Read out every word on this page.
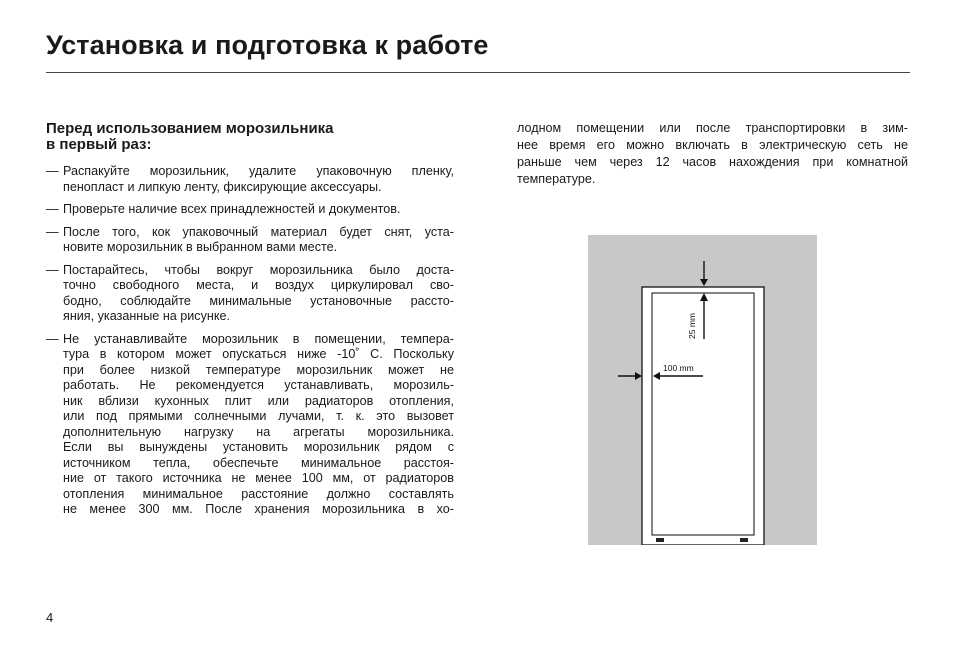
Установка и подготовка к работе
Перед использованием морозильника
в первый раз:
— Распакуйте морозильник, удалите упаковочную пленку,
пенопласт и липкую ленту, фиксирующие аксессуары.
— Проверьте наличие всех принадлежностей и документов.
— После того, кок упаковочный материал будет снят, уста-
новите морозильник в выбранном вами месте.
— Постарайтесь, чтобы вокруг морозильника было доста-
точно свободного места, и воздух циркулировал сво-
бодно, соблюдайте минимальные установочные рассто-
яния, указанные на рисунке.
— Не устанавливайте морозильник в помещении, темпера-
тура в котором может опускаться ниже -10˚ С. Поскольку
при более низкой температуре морозильник может не
работать. Не рекомендуется устанавливать, морозиль-
ник вблизи кухонных плит или радиаторов отопления,
или под прямыми солнечными лучами, т. к. это вызовет
дополнительную нагрузку на агрегаты морозильника.
Если вы вынуждены установить морозильник рядом с
источником тепла, обеспечьте минимальное расстоя-
ние от такого источника не менее 100 мм, от радиаторов
отопления минимальное расстояние должно составлять
не менее 300 мм. После хранения морозильника в хо-
лодном помещении или после транспортировки в зим-
нее время его можно включать в электрическую сеть не
раньше чем через 12 часов нахождения при комнатной
температуре.
25 mm
100 mm

4
